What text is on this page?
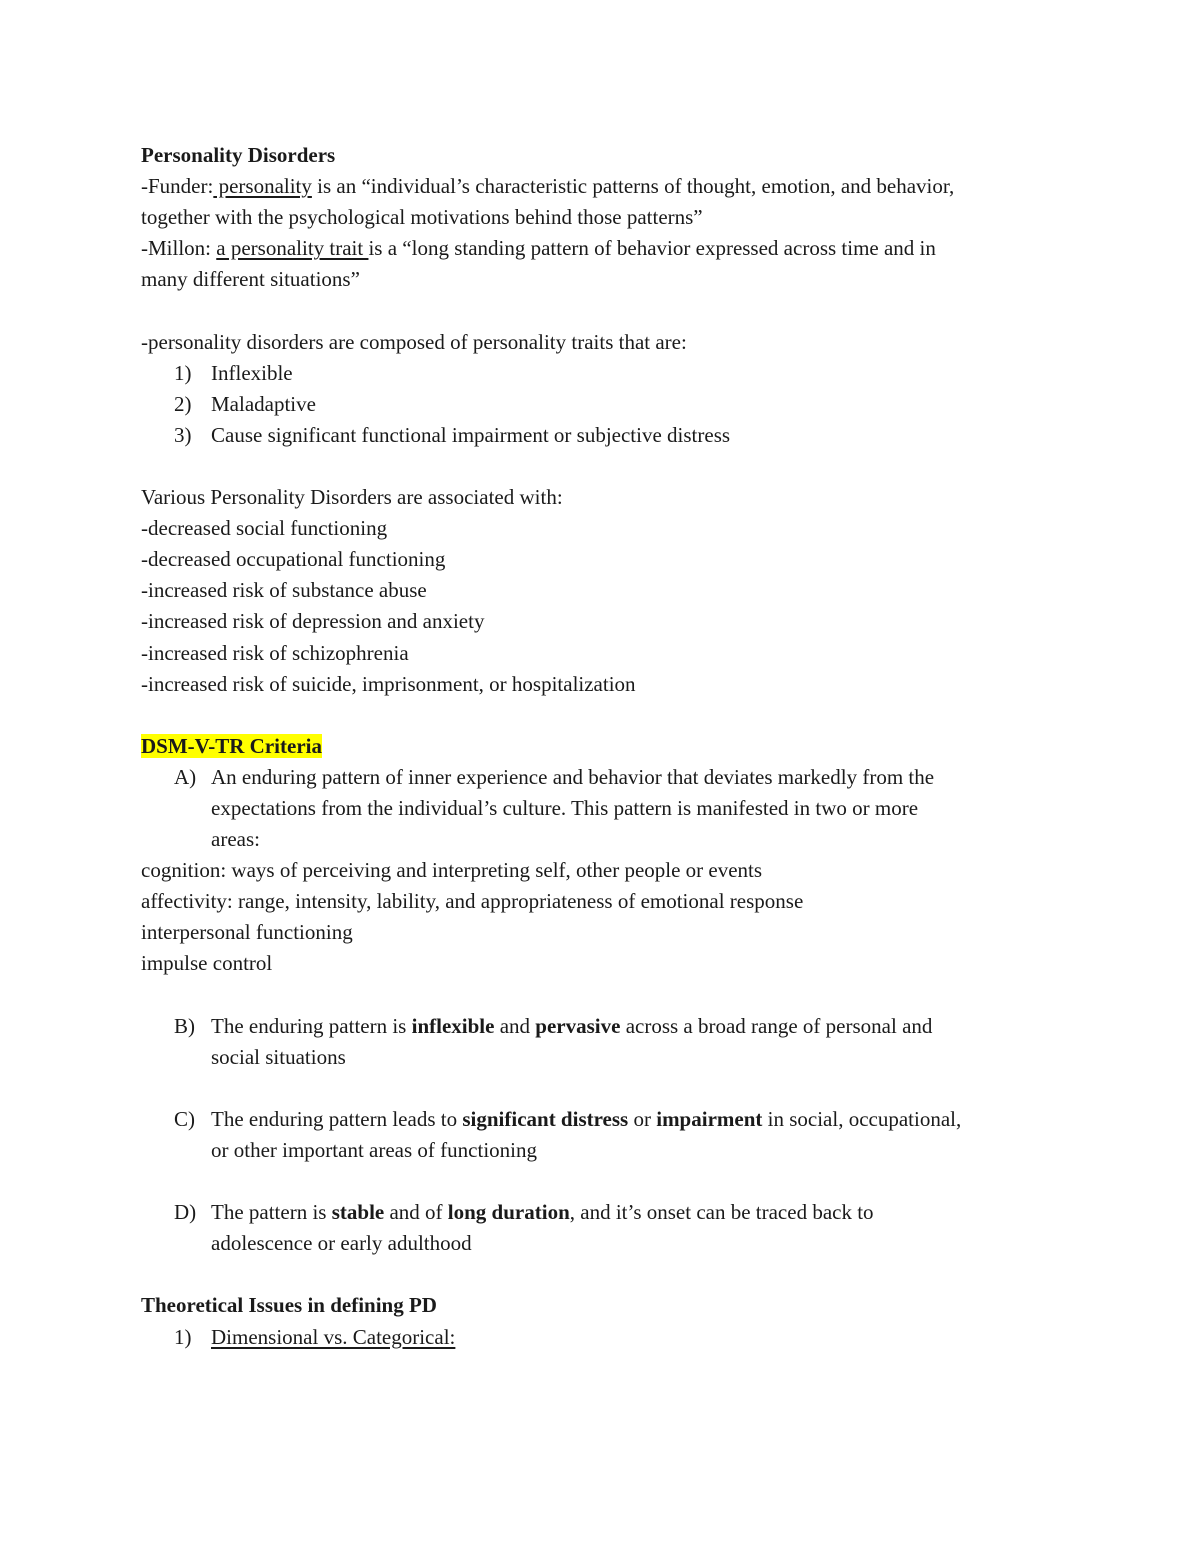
Personality Disorders
-Funder: personality is an “individual’s characteristic patterns of thought, emotion, and behavior,
together with the psychological motivations behind those patterns”
-Millon: a personality trait is a “long standing pattern of behavior expressed across time and in
many different situations”
-personality disorders are composed of personality traits that are:
1) Inflexible
2) Maladaptive
3) Cause significant functional impairment or subjective distress
Various Personality Disorders are associated with:
-decreased social functioning
-decreased occupational functioning
-increased risk of substance abuse
-increased risk of depression and anxiety
-increased risk of schizophrenia
-increased risk of suicide, imprisonment, or hospitalization
DSM-V-TR Criteria
A) An enduring pattern of inner experience and behavior that deviates markedly from the
expectations from the individual’s culture. This pattern is manifested in two or more
areas:
cognition: ways of perceiving and interpreting self, other people or events
affectivity: range, intensity, lability, and appropriateness of emotional response
interpersonal functioning
impulse control
B) The enduring pattern is inflexible and pervasive across a broad range of personal and
social situations
C) The enduring pattern leads to significant distress or impairment in social, occupational,
or other important areas of functioning
D) The pattern is stable and of long duration, and it’s onset can be traced back to
adolescence or early adulthood
Theoretical Issues in defining PD
1) Dimensional vs. Categorical:
